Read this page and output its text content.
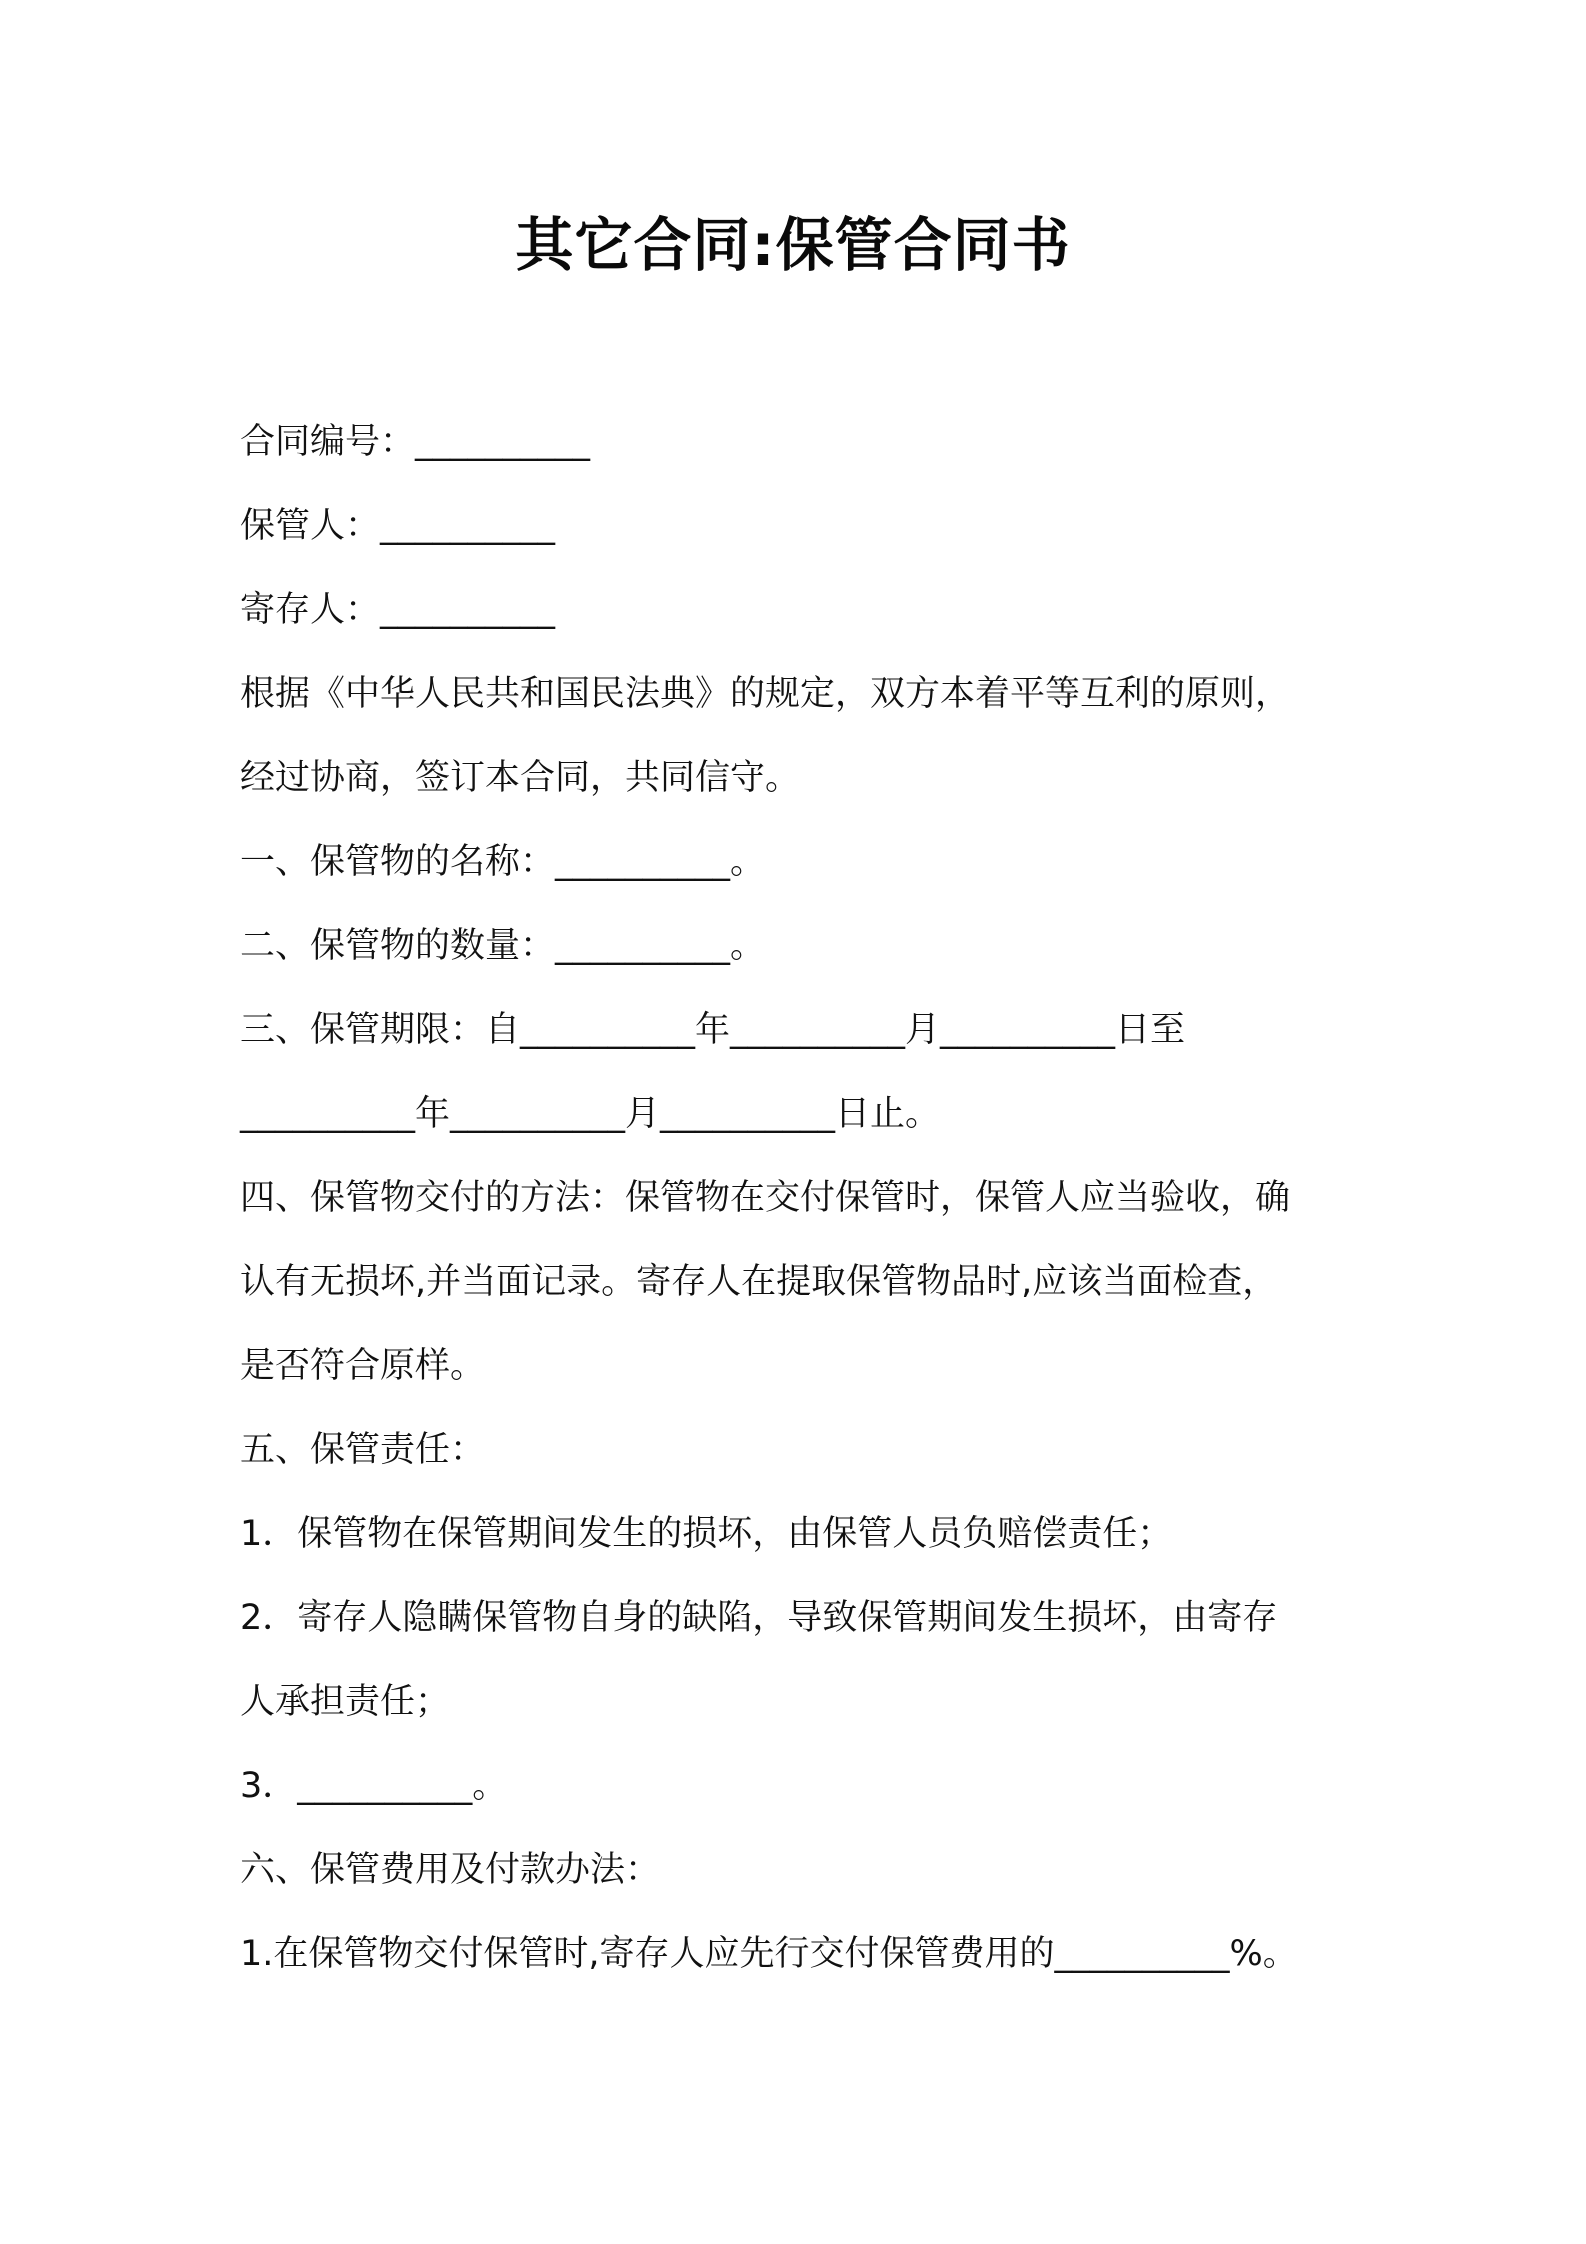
其它合同:保管合同书
合同编号：__________
保管人：__________
寄存人：__________
根据《中华人民共和国民法典》的规定，双方本着平等互利的原则，
经过协商，签订本合同，共同信守。
一、保管物的名称：__________。
二、保管物的数量：__________。
三、保管期限：自__________年__________月__________日至
__________年__________月__________日止。
四、保管物交付的方法：保管物在交付保管时，保管人应当验收，确
认有无损坏,并当面记录。寄存人在提取保管物品时,应该当面检查，
是否符合原样。
五、保管责任：
1．保管物在保管期间发生的损坏，由保管人员负赔偿责任；
2．寄存人隐瞒保管物自身的缺陷，导致保管期间发生损坏，由寄存
人承担责任；
3．__________。
六、保管费用及付款办法：
1.在保管物交付保管时,寄存人应先行交付保管费用的__________%。
